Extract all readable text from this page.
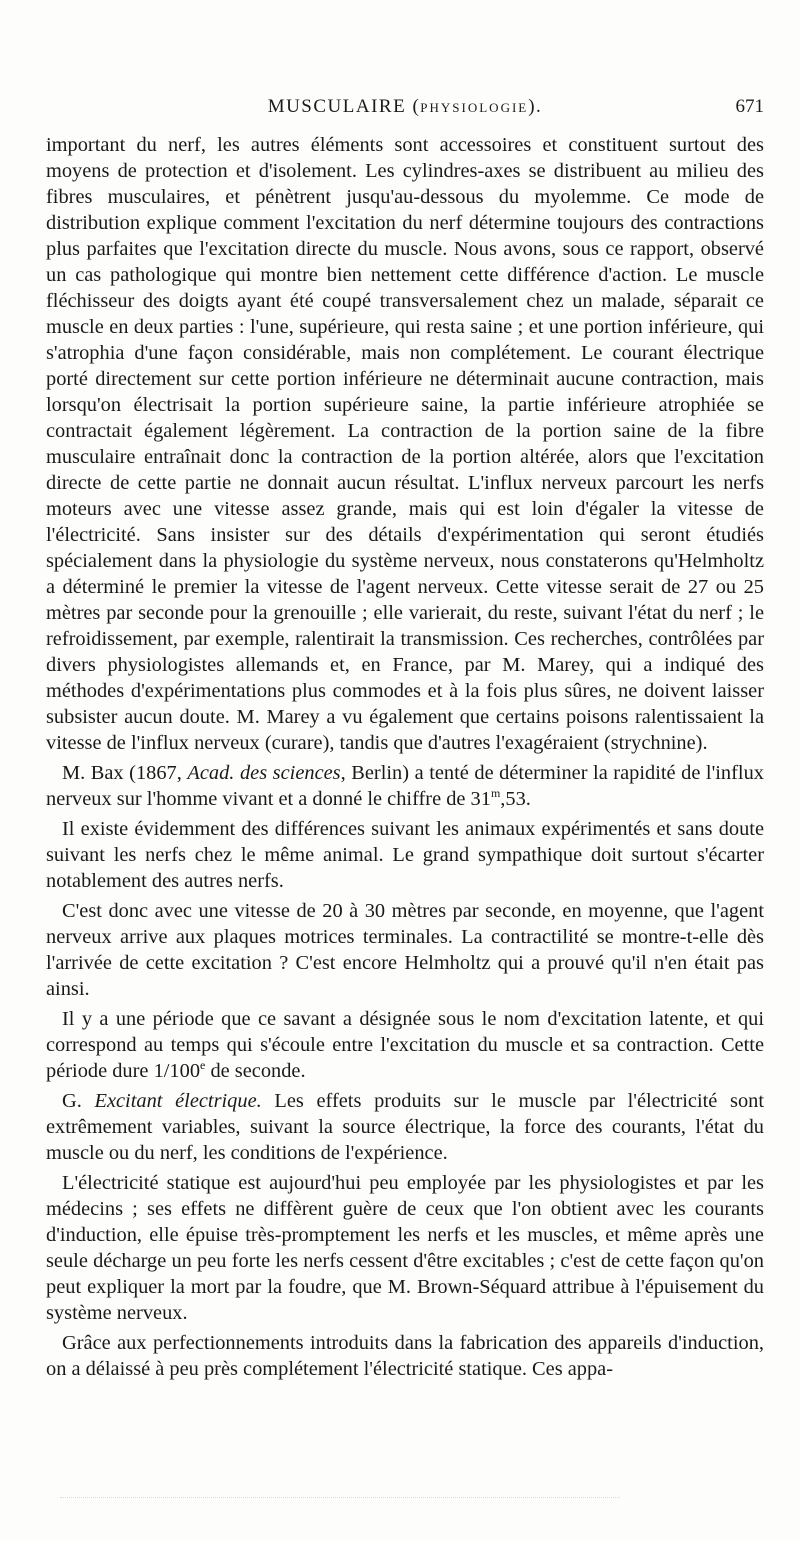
MUSCULAIRE (PHYSIOLOGIE).	671

important du nerf, les autres éléments sont accessoires et constituent surtout des moyens de protection et d'isolement. Les cylindres-axes se distribuent au milieu des fibres musculaires, et pénètrent jusqu'au-dessous du myolemme. Ce mode de distribution explique comment l'excitation du nerf détermine toujours des contractions plus parfaites que l'excitation directe du muscle. Nous avons, sous ce rapport, observé un cas pathologique qui montre bien nettement cette différence d'action. Le muscle fléchisseur des doigts ayant été coupé transversalement chez un malade, séparait ce muscle en deux parties : l'une, supérieure, qui resta saine ; et une portion inférieure, qui s'atrophia d'une façon considérable, mais non complétement. Le courant électrique porté directement sur cette portion inférieure ne déterminait aucune contraction, mais lorsqu'on électrisait la portion supérieure saine, la partie inférieure atrophiée se contractait également légèrement. La contraction de la portion saine de la fibre musculaire entraînait donc la contraction de la portion altérée, alors que l'excitation directe de cette partie ne donnait aucun résultat. L'influx nerveux parcourt les nerfs moteurs avec une vitesse assez grande, mais qui est loin d'égaler la vitesse de l'électricité. Sans insister sur des détails d'expérimentation qui seront étudiés spécialement dans la physiologie du système nerveux, nous constaterons qu'Helmholtz a déterminé le premier la vitesse de l'agent nerveux. Cette vitesse serait de 27 ou 25 mètres par seconde pour la grenouille ; elle varierait, du reste, suivant l'état du nerf ; le refroidissement, par exemple, ralentirait la transmission. Ces recherches, contrôlées par divers physiologistes allemands et, en France, par M. Marey, qui a indiqué des méthodes d'expérimentations plus commodes et à la fois plus sûres, ne doivent laisser subsister aucun doute. M. Marey a vu également que certains poisons ralentissaient la vitesse de l'influx nerveux (curare), tandis que d'autres l'exagéraient (strychnine).

M. Bax (1867, Acad. des sciences, Berlin) a tenté de déterminer la rapidité de l'influx nerveux sur l'homme vivant et a donné le chiffre de 31$^m$,53.

Il existe évidemment des différences suivant les animaux expérimentés et sans doute suivant les nerfs chez le même animal. Le grand sympathique doit surtout s'écarter notablement des autres nerfs.

C'est donc avec une vitesse de 20 à 30 mètres par seconde, en moyenne, que l'agent nerveux arrive aux plaques motrices terminales. La contractilité se montre-t-elle dès l'arrivée de cette excitation ? C'est encore Helmholtz qui a prouvé qu'il n'en était pas ainsi.

Il y a une période que ce savant a désignée sous le nom d'excitation latente, et qui correspond au temps qui s'écoule entre l'excitation du muscle et sa contraction. Cette période dure 1/100e de seconde.

G. Excitant électrique. Les effets produits sur le muscle par l'électricité sont extrêmement variables, suivant la source électrique, la force des courants, l'état du muscle ou du nerf, les conditions de l'expérience.

L'électricité statique est aujourd'hui peu employée par les physiologistes et par les médecins ; ses effets ne diffèrent guère de ceux que l'on obtient avec les courants d'induction, elle épuise très-promptement les nerfs et les muscles, et même après une seule décharge un peu forte les nerfs cessent d'être excitables ; c'est de cette façon qu'on peut expliquer la mort par la foudre, que M. Brown-Séquard attribue à l'épuisement du système nerveux.

Grâce aux perfectionnements introduits dans la fabrication des appareils d'induction, on a délaissé à peu près complétement l'électricité statique. Ces appa-
